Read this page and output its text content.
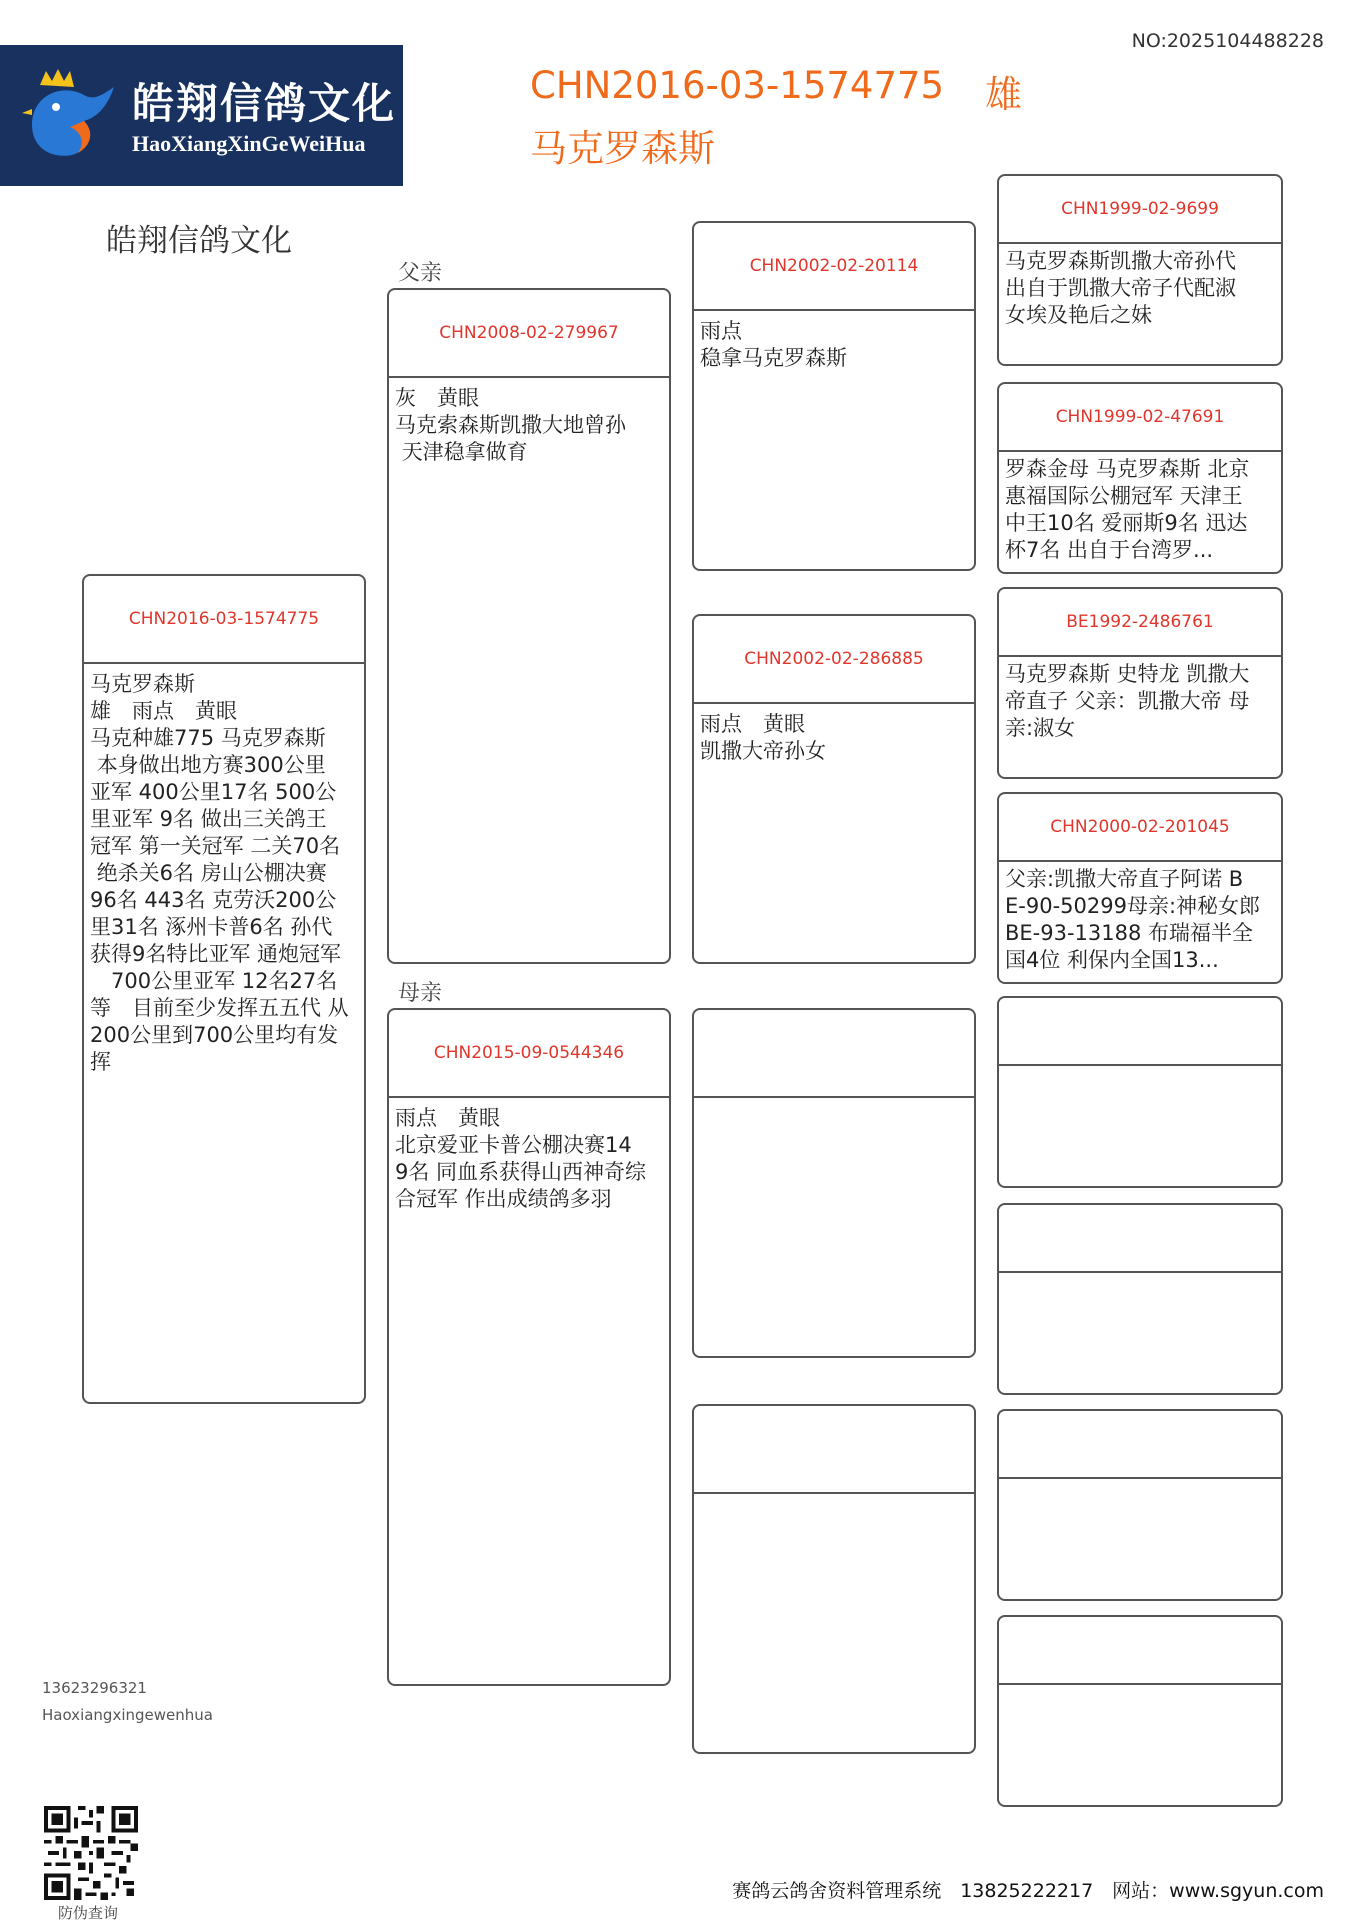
NO:2025104488228
皓翔信鸽文化
HaoXiangXinGeWeiHua
CHN2016-03-1574775 雄
马克罗森斯
皓翔信鸽文化
父亲
母亲
CHN2016-03-1574775
马克罗森斯
雄　雨点　黄眼
马克种雄775 马克罗森斯
本身做出地方赛300公里
亚军 400公里17名 500公
里亚军 9名 做出三关鸽王
冠军 第一关冠军 二关70名
绝杀关6名 房山公棚决赛
96名 443名 克劳沃200公
里31名 涿州卡普6名 孙代
获得9名特比亚军 通炮冠军
　700公里亚军 12名27名
等　目前至少发挥五五代 从
200公里到700公里均有发
挥
CHN2008-02-279967
灰　黄眼
马克索森斯凯撒大地曾孙
天津稳拿做育
CHN2015-09-0544346
雨点　黄眼
北京爱亚卡普公棚决赛14
9名 同血系获得山西神奇综
合冠军 作出成绩鸽多羽
CHN2002-02-20114
雨点
稳拿马克罗森斯
CHN2002-02-286885
雨点　黄眼
凯撒大帝孙女
CHN1999-02-9699
马克罗森斯凯撒大帝孙代
出自于凯撒大帝子代配淑
女埃及艳后之妹
CHN1999-02-47691
罗森金母 马克罗森斯 北京
惠福国际公棚冠军 天津王
中王10名 爱丽斯9名 迅达
杯7名 出自于台湾罗...
BE1992-2486761
马克罗森斯 史特龙 凯撒大
帝直子 父亲：凯撒大帝 母
亲:淑女
CHN2000-02-201045
父亲:凯撒大帝直子阿诺 B
E-90-50299母亲:神秘女郎
BE-93-13188 布瑞福半全
国4位 利保内全国13...
13623296321
Haoxiangxingewenhua
防伪查询
赛鸽云鸽舍资料管理系统　13825222217　网站：www.sgyun.com
